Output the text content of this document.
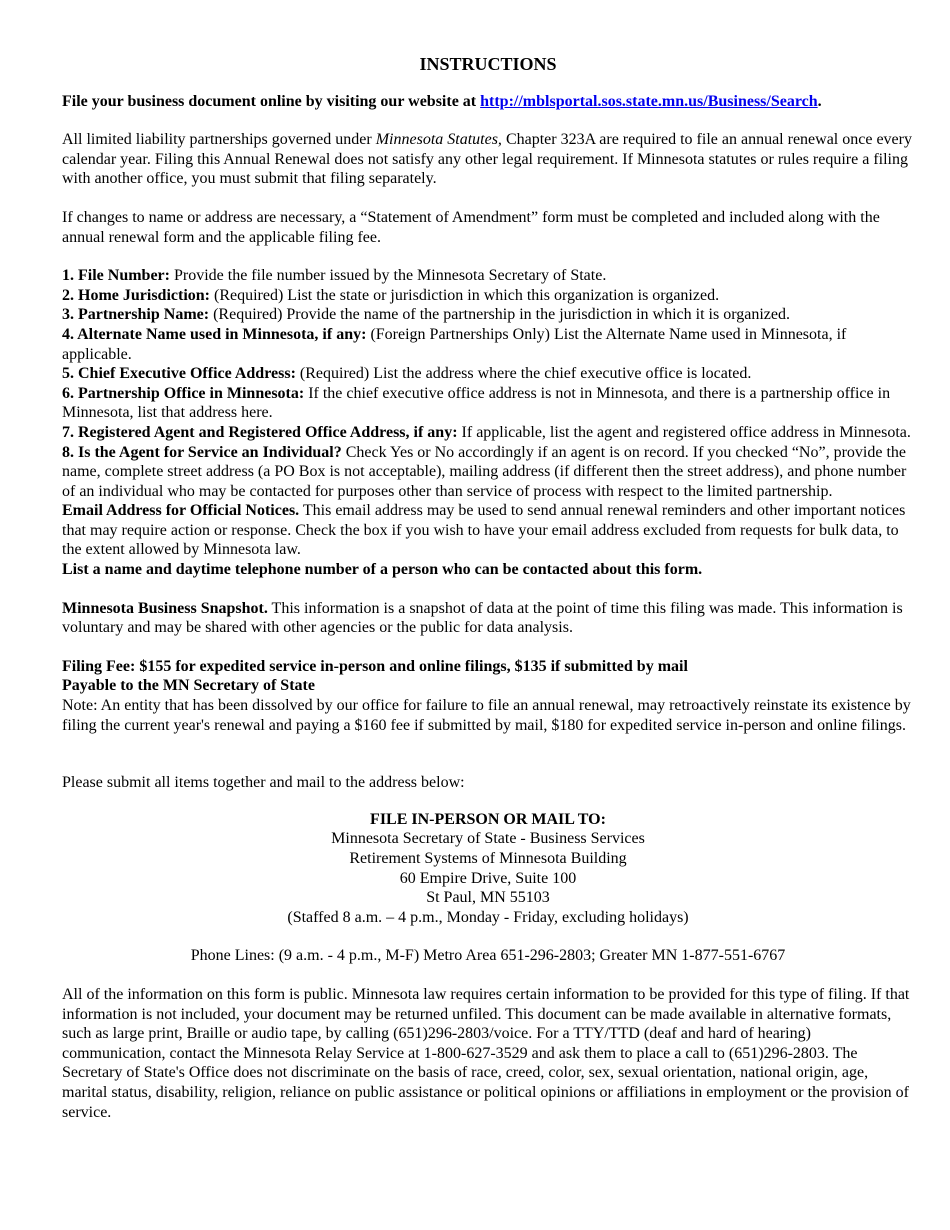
INSTRUCTIONS

File your business document online by visiting our website at http://mblsportal.sos.state.mn.us/Business/Search.

All limited liability partnerships governed under Minnesota Statutes, Chapter 323A are required to file an annual renewal once every calendar year. Filing this Annual Renewal does not satisfy any other legal requirement. If Minnesota statutes or rules require a filing with another office, you must submit that filing separately.

If changes to name or address are necessary, a “Statement of Amendment” form must be completed and included along with the annual renewal form and the applicable filing fee.

1. File Number: Provide the file number issued by the Minnesota Secretary of State.

2. Home Jurisdiction: (Required) List the state or jurisdiction in which this organization is organized.

3. Partnership Name: (Required) Provide the name of the partnership in the jurisdiction in which it is organized.

4. Alternate Name used in Minnesota, if any: (Foreign Partnerships Only) List the Alternate Name used in Minnesota, if applicable.

5. Chief Executive Office Address: (Required) List the address where the chief executive office is located.

6. Partnership Office in Minnesota: If the chief executive office address is not in Minnesota, and there is a partnership office in Minnesota, list that address here.

7. Registered Agent and Registered Office Address, if any: If applicable, list the agent and registered office address in Minnesota.

8. Is the Agent for Service an Individual? Check Yes or No accordingly if an agent is on record. If you checked “No”, provide the name, complete street address (a PO Box is not acceptable), mailing address (if different then the street address), and phone number of an individual who may be contacted for purposes other than service of process with respect to the limited partnership.

Email Address for Official Notices. This email address may be used to send annual renewal reminders and other important notices that may require action or response. Check the box if you wish to have your email address excluded from requests for bulk data, to the extent allowed by Minnesota law.

List a name and daytime telephone number of a person who can be contacted about this form.

Minnesota Business Snapshot. This information is a snapshot of data at the point of time this filing was made. This information is voluntary and may be shared with other agencies or the public for data analysis.

Filing Fee: $155 for expedited service in-person and online filings, $135 if submitted by mail

Payable to the MN Secretary of State

Note: An entity that has been dissolved by our office for failure to file an annual renewal, may retroactively reinstate its existence by filing the current year's renewal and paying a $160 fee if submitted by mail, $180 for expedited service in-person and online filings.

Please submit all items together and mail to the address below:

FILE IN-PERSON OR MAIL TO:

Minnesota Secretary of State - Business Services

Retirement Systems of Minnesota Building

60 Empire Drive, Suite 100

St Paul, MN 55103

(Staffed 8 a.m. – 4 p.m., Monday - Friday, excluding holidays)

Phone Lines: (9 a.m. - 4 p.m., M-F) Metro Area 651-296-2803; Greater MN 1-877-551-6767

All of the information on this form is public. Minnesota law requires certain information to be provided for this type of filing. If that information is not included, your document may be returned unfiled. This document can be made available in alternative formats, such as large print, Braille or audio tape, by calling (651)296-2803/voice. For a TTY/TTD (deaf and hard of hearing) communication, contact the Minnesota Relay Service at 1-800-627-3529 and ask them to place a call to (651)296-2803. The Secretary of State's Office does not discriminate on the basis of race, creed, color, sex, sexual orientation, national origin, age, marital status, disability, religion, reliance on public assistance or political opinions or affiliations in employment or the provision of service.
